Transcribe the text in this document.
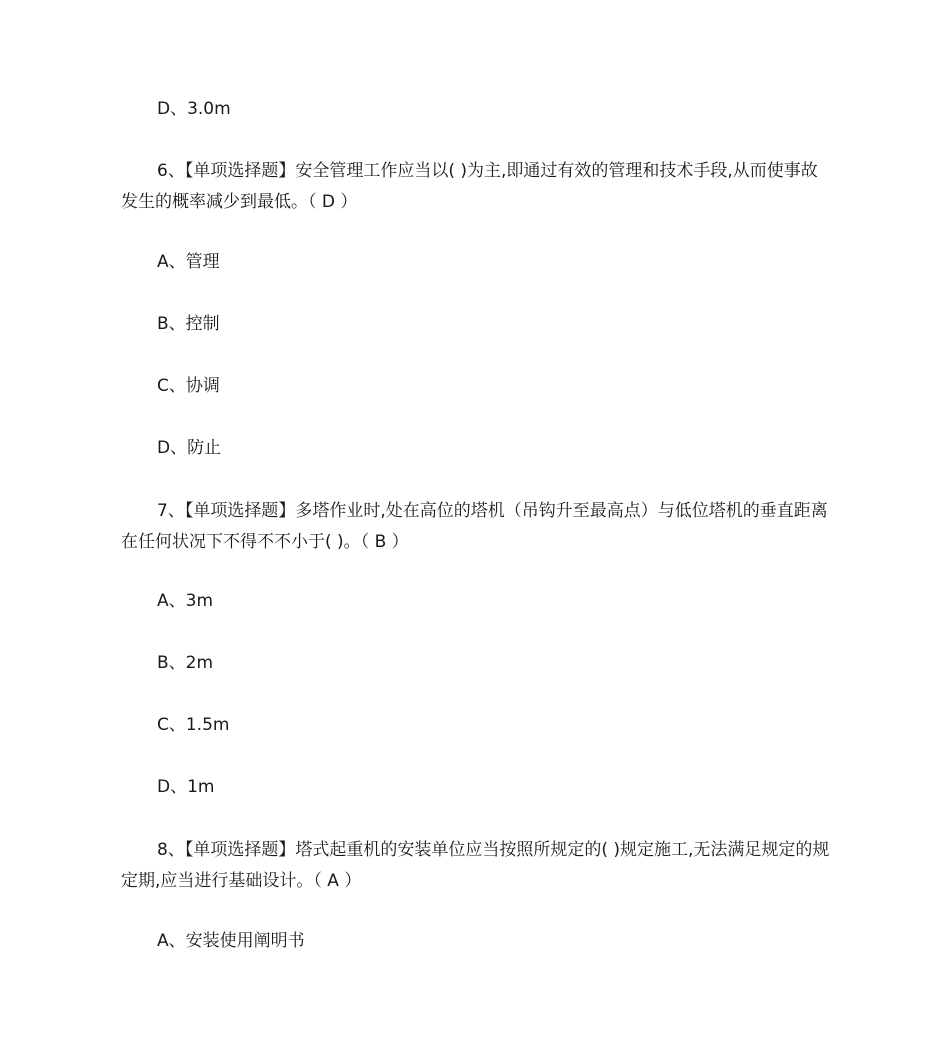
D、3.0m
6、【单项选择题】安全管理工作应当以( )为主,即通过有效的管理和技术手段,从而使事故发生的概率减少到最低。（ D ）
A、管理
B、控制
C、协调
D、防止
7、【单项选择题】多塔作业时,处在高位的塔机（吊钩升至最高点）与低位塔机的垂直距离在任何状况下不得不不小于( )。（ B ）
A、3m
B、2m
C、1.5m
D、1m
8、【单项选择题】塔式起重机的安装单位应当按照所规定的( )规定施工,无法满足规定的规定期,应当进行基础设计。（ A ）
A、安装使用阐明书
